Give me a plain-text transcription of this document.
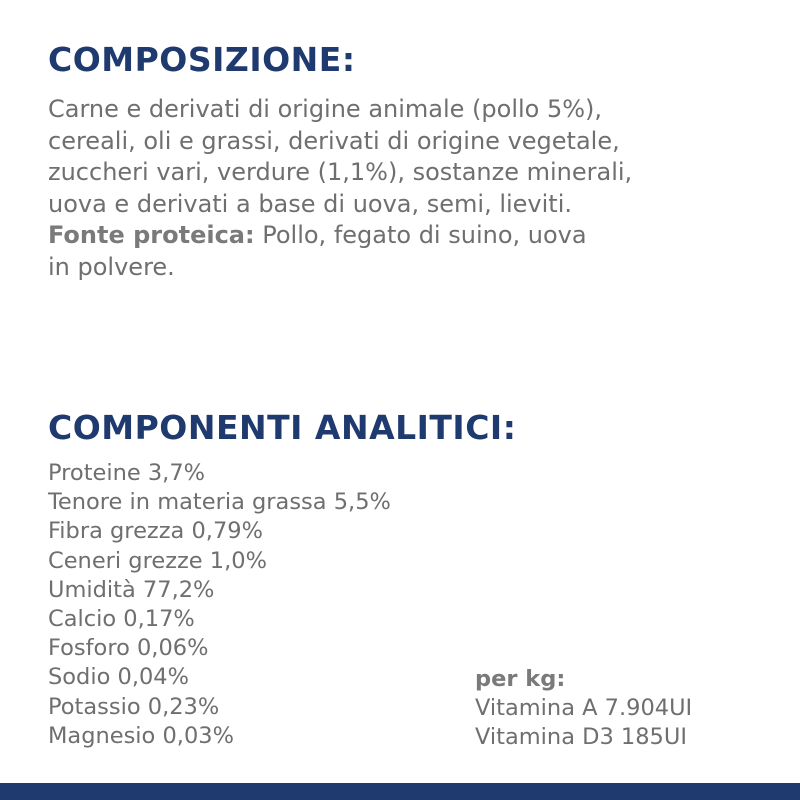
COMPOSIZIONE:
Carne e derivati di origine animale (pollo 5%),
cereali, oli e grassi, derivati di origine vegetale,
zuccheri vari, verdure (1,1%), sostanze minerali,
uova e derivati a base di uova, semi, lieviti.
Fonte proteica: Pollo, fegato di suino, uova
in polvere.
COMPONENTI ANALITICI:
Proteine 3,7%
Tenore in materia grassa 5,5%
Fibra grezza 0,79%
Ceneri grezze 1,0%
Umidità 77,2%
Calcio 0,17%
Fosforo 0,06%
Sodio 0,04%
Potassio 0,23%
Magnesio 0,03%
per kg:
Vitamina A 7.904UI
Vitamina D3 185UI
